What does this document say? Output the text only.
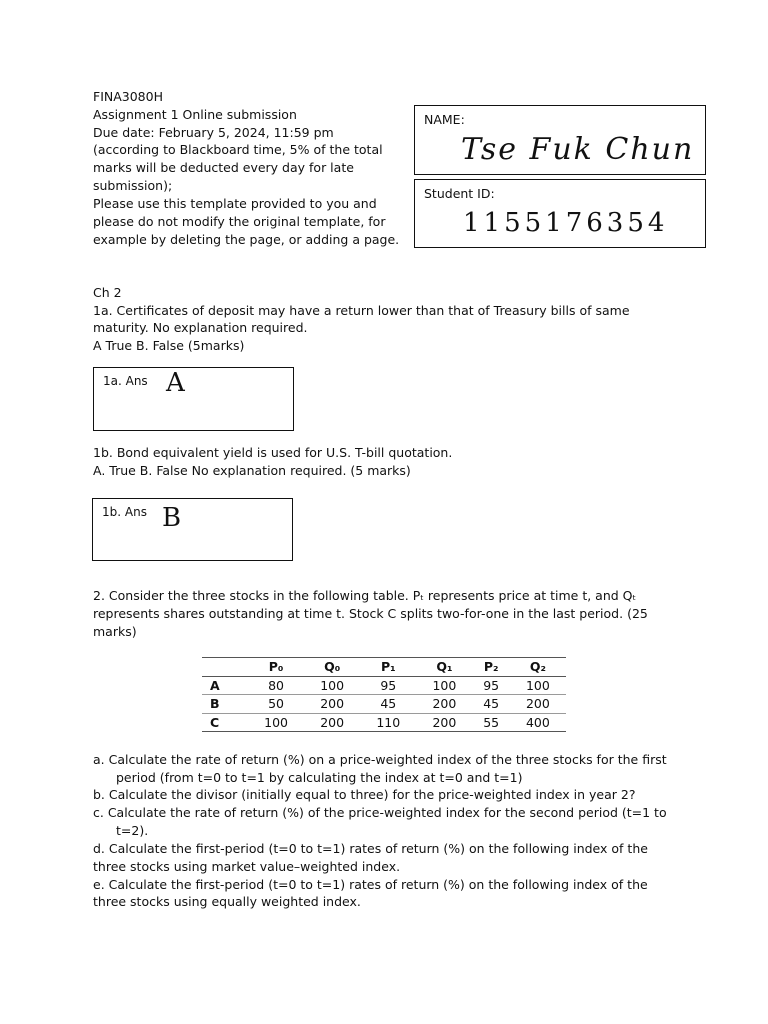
FINA3080H
Assignment 1 Online submission
Due date: February 5, 2024, 11:59 pm
(according to Blackboard time, 5% of the total
marks will be deducted every day for late
submission);
Please use this template provided to you and
please do not modify the original template, for
example by deleting the page, or adding a page.
NAME:
Tse Fuk Chun
Student ID:
1155176354
Ch 2
1a. Certificates of deposit may have a return lower than that of Treasury bills of same
maturity. No explanation required.
A True B. False (5marks)
1a. Ans A
1b. Bond equivalent yield is used for U.S. T-bill quotation.
A. True B. False No explanation required. (5 marks)
1b. Ans B
2. Consider the three stocks in the following table. Pₜ represents price at time t, and Qₜ
represents shares outstanding at time t. Stock C splits two-for-one in the last period. (25
marks)
	P₀	Q₀	P₁	Q₁	P₂	Q₂
A	80	100	95	100	95	100
B	50	200	45	200	45	200
C	100	200	110	200	55	400
a. Calculate the rate of return (%) on a price-weighted index of the three stocks for the first
period (from t=0 to t=1 by calculating the index at t=0 and t=1)
b. Calculate the divisor (initially equal to three) for the price-weighted index in year 2?
c. Calculate the rate of return (%) of the price-weighted index for the second period (t=1 to
t=2).
d. Calculate the first-period (t=0 to t=1) rates of return (%) on the following index of the
three stocks using market value–weighted index.
e. Calculate the first-period (t=0 to t=1) rates of return (%) on the following index of the
three stocks using equally weighted index.
